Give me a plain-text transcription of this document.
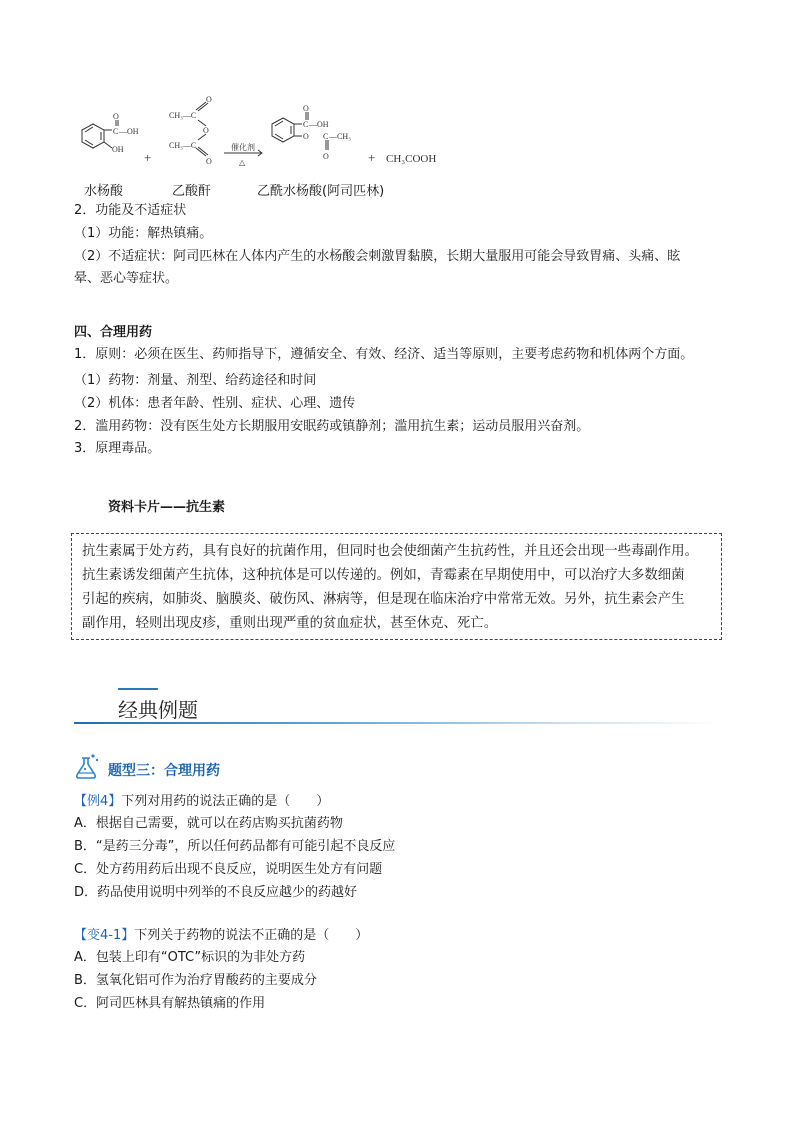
O
C —OH
OH
+
O
CH₃—C
O
CH₃—C
O
催化剂
△
O
C —OH
O C —CH₃
O	+ CH₃COOH
水杨酸	乙酸酐	乙酰水杨酸(阿司匹林)
2．功能及不适症状
（1）功能：解热镇痛。
（2）不适症状：阿司匹林在人体内产生的水杨酸会刺激胃黏膜，长期大量服用可能会导致胃痛、头痛、眩
晕、恶心等症状。
四、合理用药
1．原则：必须在医生、药师指导下，遵循安全、有效、经济、适当等原则，主要考虑药物和机体两个方面。
（1）药物：剂量、剂型、给药途径和时间
（2）机体：患者年龄、性别、症状、心理、遗传
2．滥用药物：没有医生处方长期服用安眠药或镇静剂；滥用抗生素；运动员服用兴奋剂。
3．原理毒品。
资料卡片——抗生素
抗生素属于处方药，具有良好的抗菌作用，但同时也会使细菌产生抗药性，并且还会出现一些毒副作用。
抗生素诱发细菌产生抗体，这种抗体是可以传递的。例如，青霉素在早期使用中，可以治疗大多数细菌
引起的疾病，如肺炎、脑膜炎、破伤风、淋病等，但是现在临床治疗中常常无效。另外，抗生素会产生
副作用，轻则出现皮疹，重则出现严重的贫血症状，甚至休克、死亡。
经典例题
题型三：合理用药
【例4】下列对用药的说法正确的是（　　）
A．根据自己需要，就可以在药店购买抗菌药物
B．“是药三分毒”，所以任何药品都有可能引起不良反应
C．处方药用药后出现不良反应，说明医生处方有问题
D．药品使用说明中列举的不良反应越少的药越好
【变4-1】下列关于药物的说法不正确的是（　　）
A．包装上印有“OTC”标识的为非处方药
B．氢氧化铝可作为治疗胃酸药的主要成分
C．阿司匹林具有解热镇痛的作用
